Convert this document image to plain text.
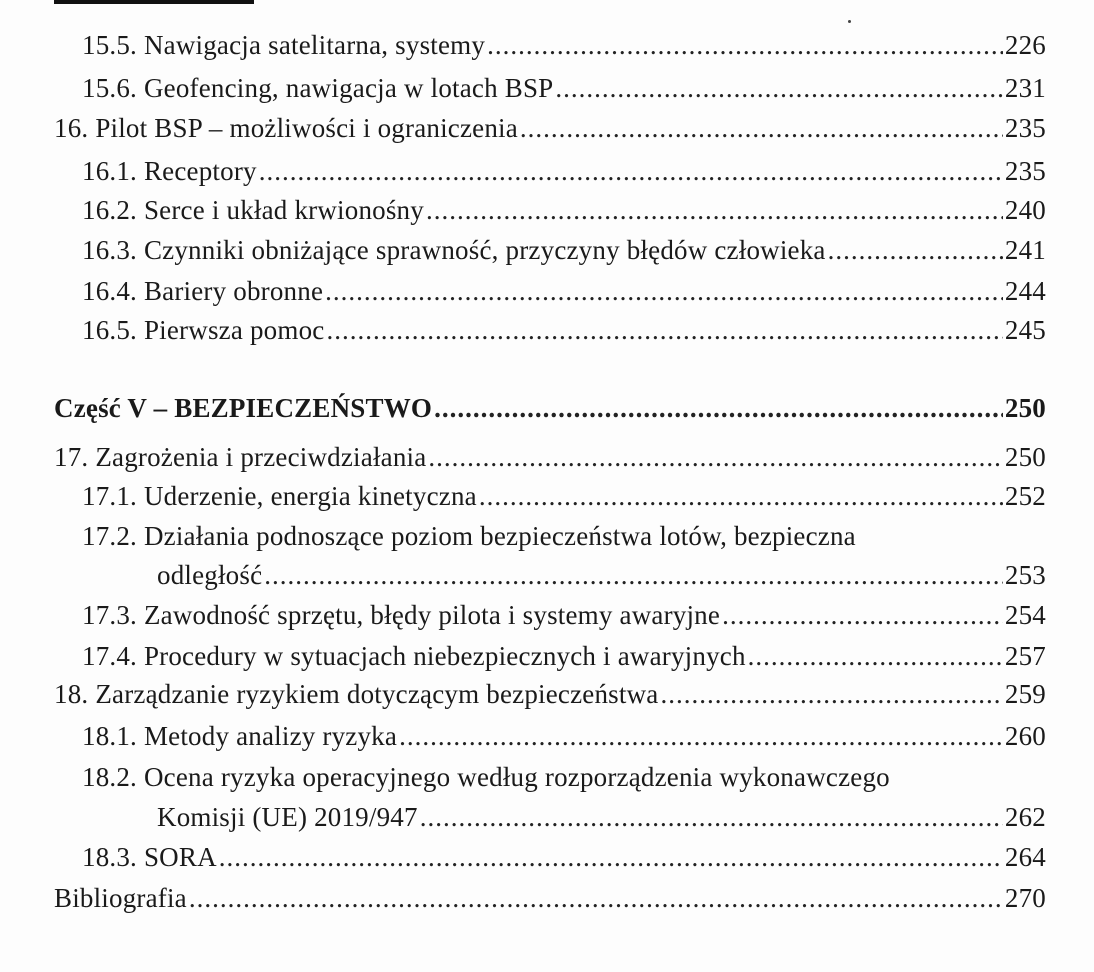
15.5. Nawigacja satelitarna, systemy .....	226
15.6. Geofencing, nawigacja w lotach BSP .....	231
16. Pilot BSP – możliwości i ograniczenia .....	235
16.1. Receptory .....	235
16.2. Serce i układ krwionośny .....	240
16.3. Czynniki obniżające sprawność, przyczyny błędów człowieka .....	241
16.4. Bariery obronne .....	244
16.5. Pierwsza pomoc .....	245
Część V – BEZPIECZEŃSTWO .....	250
17. Zagrożenia i przeciwdziałania .....	250
17.1. Uderzenie, energia kinetyczna .....	252
17.2. Działania podnoszące poziom bezpieczeństwa lotów, bezpieczna
odległość .....	253
17.3. Zawodność sprzętu, błędy pilota i systemy awaryjne .....	254
17.4. Procedury w sytuacjach niebezpiecznych i awaryjnych .....	257
18. Zarządzanie ryzykiem dotyczącym bezpieczeństwa .....	259
18.1. Metody analizy ryzyka .....	260
18.2. Ocena ryzyka operacyjnego według rozporządzenia wykonawczego
Komisji (UE) 2019/947 .....	262
18.3. SORA .....	264
Bibliografia .....	270
